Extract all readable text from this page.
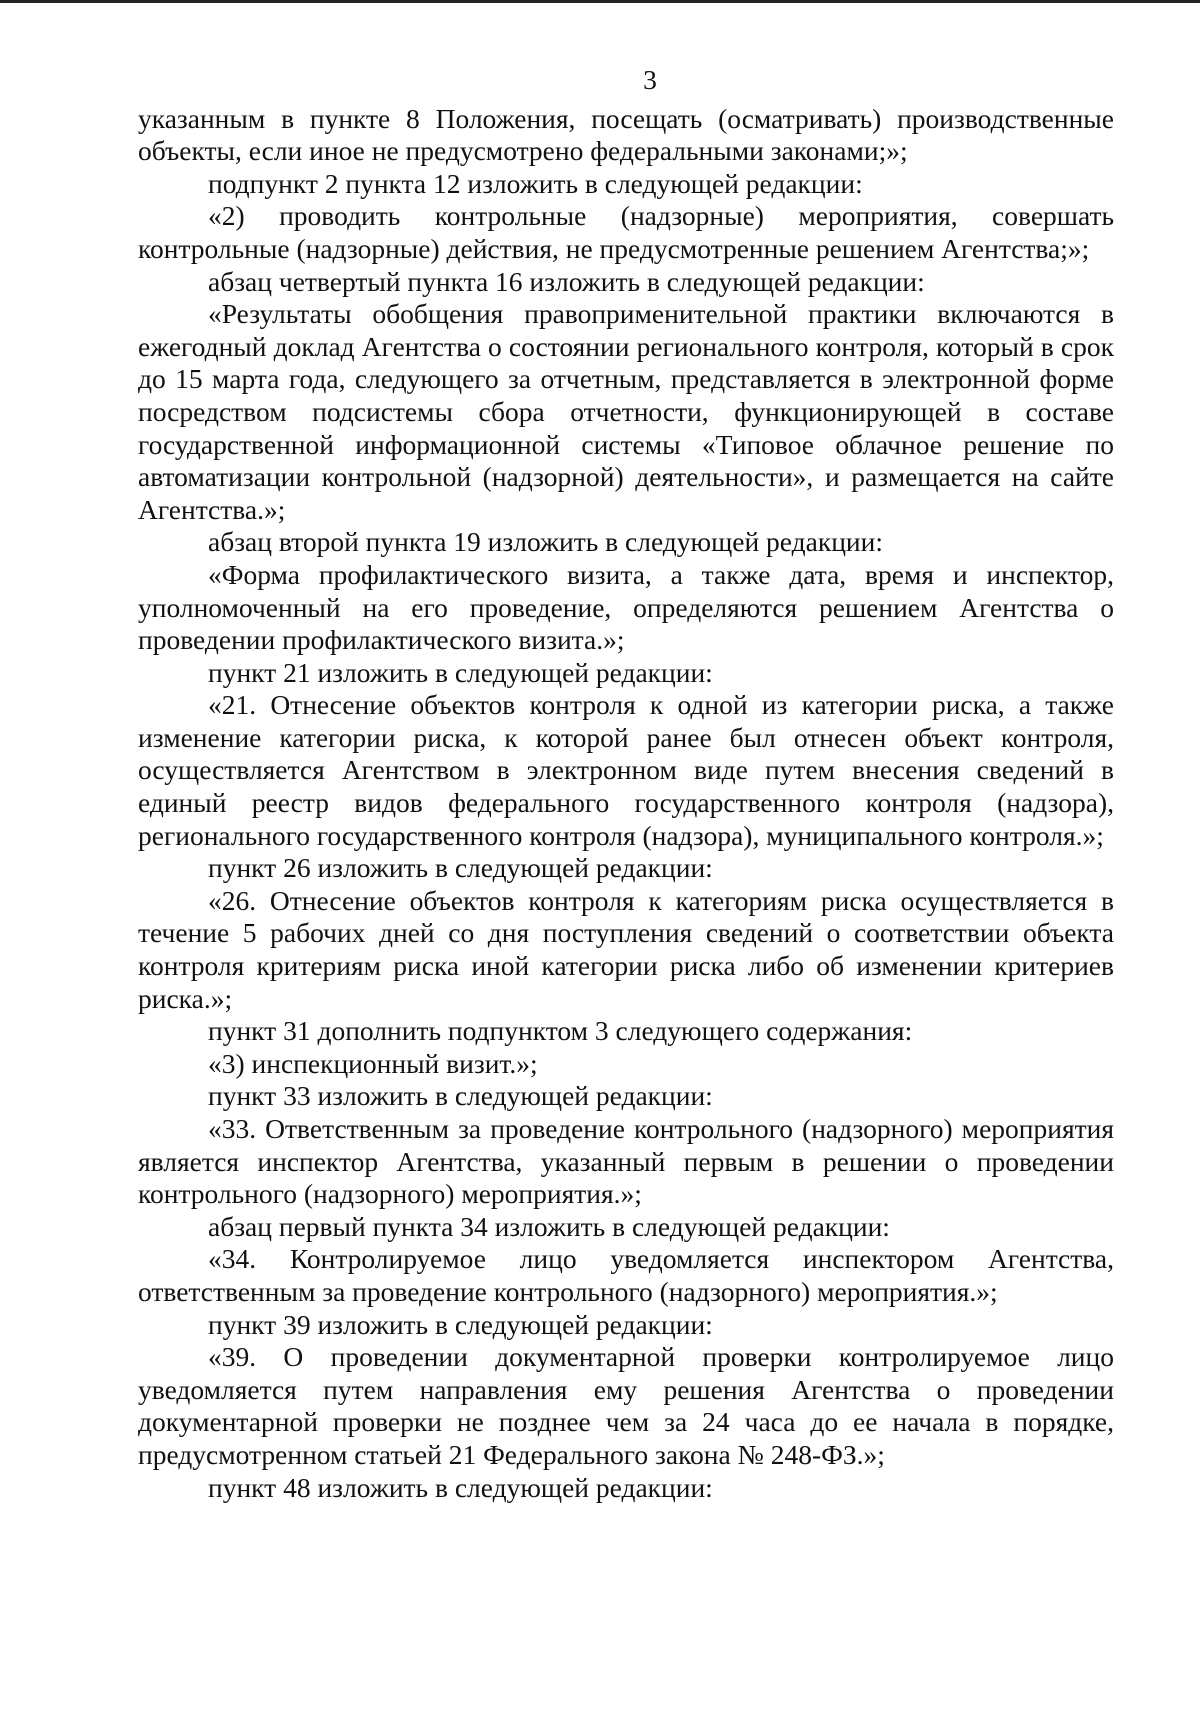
3

указанным в пункте 8 Положения, посещать (осматривать) производственные объекты, если иное не предусмотрено федеральными законами;»;

подпункт 2 пункта 12 изложить в следующей редакции:

«2) проводить контрольные (надзорные) мероприятия, совершать контрольные (надзорные) действия, не предусмотренные решением Агентства;»;

абзац четвертый пункта 16 изложить в следующей редакции:

«Результаты обобщения правоприменительной практики включаются в ежегодный доклад Агентства о состоянии регионального контроля, который в срок до 15 марта года, следующего за отчетным, представляется в электронной форме посредством подсистемы сбора отчетности, функционирующей в составе государственной информационной системы «Типовое облачное решение по автоматизации контрольной (надзорной) деятельности», и размещается на сайте Агентства.»;

абзац второй пункта 19 изложить в следующей редакции:

«Форма профилактического визита, а также дата, время и инспектор, уполномоченный на его проведение, определяются решением Агентства о проведении профилактического визита.»;

пункт 21 изложить в следующей редакции:

«21. Отнесение объектов контроля к одной из категории риска, а также изменение категории риска, к которой ранее был отнесен объект контроля, осуществляется Агентством в электронном виде путем внесения сведений в единый реестр видов федерального государственного контроля (надзора), регионального государственного контроля (надзора), муниципального контроля.»;

пункт 26 изложить в следующей редакции:

«26. Отнесение объектов контроля к категориям риска осуществляется в течение 5 рабочих дней со дня поступления сведений о соответствии объекта контроля критериям риска иной категории риска либо об изменении критериев риска.»;

пункт 31 дополнить подпунктом 3 следующего содержания:

«3) инспекционный визит.»;

пункт 33 изложить в следующей редакции:

«33. Ответственным за проведение контрольного (надзорного) мероприятия является инспектор Агентства, указанный первым в решении о проведении контрольного (надзорного) мероприятия.»;

абзац первый пункта 34 изложить в следующей редакции:

«34. Контролируемое лицо уведомляется инспектором Агентства, ответственным за проведение контрольного (надзорного) мероприятия.»;

пункт 39 изложить в следующей редакции:

«39. О проведении документарной проверки контролируемое лицо уведомляется путем направления ему решения Агентства о проведении документарной проверки не позднее чем за 24 часа до ее начала в порядке, предусмотренном статьей 21 Федерального закона № 248-ФЗ.»;

пункт 48 изложить в следующей редакции:
